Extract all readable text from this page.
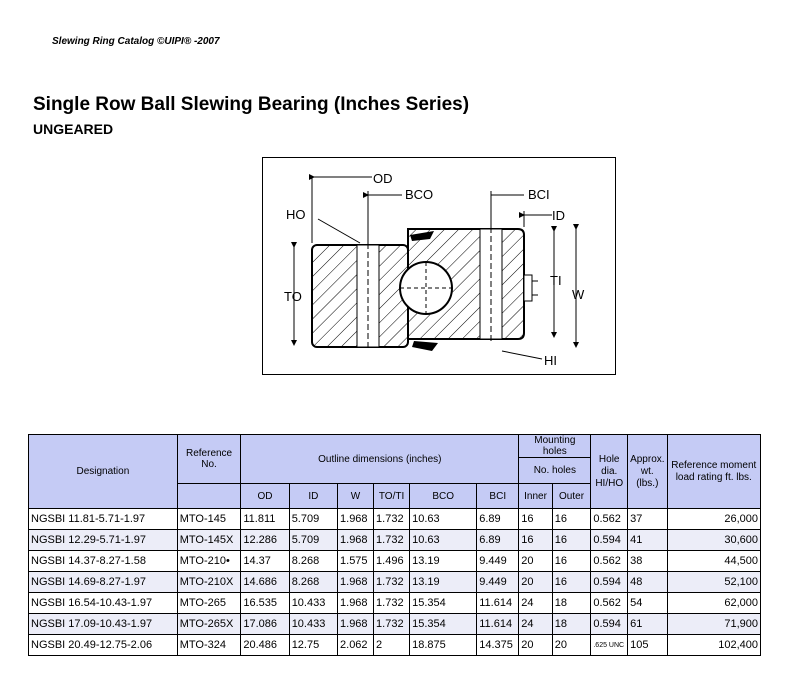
Slewing Ring Catalog ©UIPI® -2007
Single Row Ball Slewing Bearing (Inches Series)
UNGEARED
OD
BCO	BCI
ID
HO
TO
TI
W
HI
Designation	Reference No.	Outline dimensions (inches)						Mounting holes		Hole dia. HI/HO	Approx. wt. (lbs.)	Reference moment load rating ft. lbs.
								No. holes				
		OD	ID	W	TO/TI	BCO	BCI	Inner	Outer			
NGSBI 11.81-5.71-1.97	MTO-145	11.811	5.709	1.968	1.732	10.63	6.89	16	16	0.562	37	26,000
NGSBI 12.29-5.71-1.97	MTO-145X	12.286	5.709	1.968	1.732	10.63	6.89	16	16	0.594	41	30,600
NGSBI 14.37-8.27-1.58	MTO-210•	14.37	8.268	1.575	1.496	13.19	9.449	20	16	0.562	38	44,500
NGSBI 14.69-8.27-1.97	MTO-210X	14.686	8.268	1.968	1.732	13.19	9.449	20	16	0.594	48	52,100
NGSBI 16.54-10.43-1.97	MTO-265	16.535	10.433	1.968	1.732	15.354	11.614	24	18	0.562	54	62,000
NGSBI 17.09-10.43-1.97	MTO-265X	17.086	10.433	1.968	1.732	15.354	11.614	24	18	0.594	61	71,900
NGSBI 20.49-12.75-2.06	MTO-324	20.486	12.75	2.062	2	18.875	14.375	20	20	.625 UNC	105	102,400
